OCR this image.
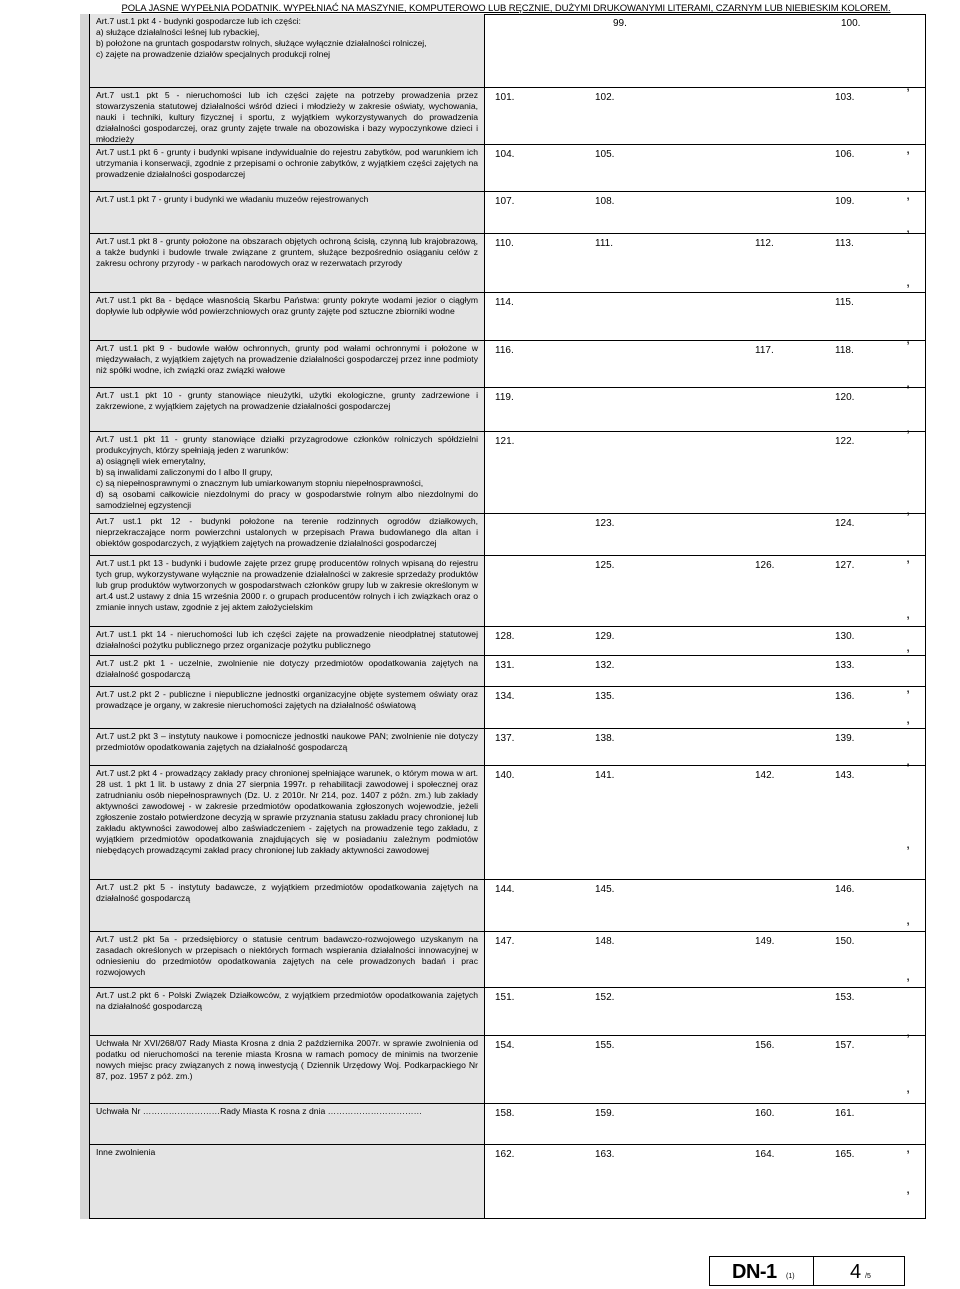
POLA JASNE WYPEŁNIA PODATNIK. WYPEŁNIAĆ NA MASZYNIE, KOMPUTEROWO LUB RĘCZNIE, DUŻYMI DRUKOWANYMI LITERAMI, CZARNYM LUB NIEBIESKIM KOLOREM.

Art.7 ust.1 pkt 4 - budynki gospodarcze lub ich części:
a) służące działalności leśnej lub rybackiej,
b) położone na gruntach gospodarstw rolnych, służące wyłącznie działalności rolniczej,
c) zajęte na prowadzenie działów specjalnych produkcji rolnej

99.	100.
,

Art.7 ust.1 pkt 5 - nieruchomości lub ich części zajęte na potrzeby prowadzenia przez stowarzyszenia statutowej działalności wśród dzieci i młodzieży w zakresie oświaty, wychowania, nauki i techniki, kultury fizycznej i sportu, z wyjątkiem wykorzystywanych do prowadzenia działalności gospodarczej, oraz grunty zajęte trwale na obozowiska i bazy wypoczynkowe dzieci i młodzieży

101.	102.	103.
,

Art.7 ust.1 pkt 6 - grunty i budynki wpisane indywidualnie do rejestru zabytków, pod warunkiem ich utrzymania i konserwacji, zgodnie z przepisami o ochronie zabytków, z wyjątkiem części zajętych na prowadzenie działalności gospodarczej

104.	105.	106.
,

Art.7 ust.1 pkt 7 - grunty i budynki we władaniu muzeów rejestrowanych	107.	108.	109.
,

Art.7 ust.1 pkt 8 - grunty położone na obszarach objętych ochroną ścisłą, czynną lub krajobrazową, a także budynki i budowle trwale związane z gruntem, służące bezpośrednio osiąganiu celów z zakresu ochrony przyrody - w parkach narodowych oraz w rezerwatach przyrody

110.	111.	112.	113.
,

Art.7 ust.1 pkt 8a - będące własnością Skarbu Państwa: grunty pokryte wodami jezior o ciągłym dopływie lub odpływie wód powierzchniowych oraz grunty zajęte pod sztuczne zbiorniki wodne

114.	115.
,

Art.7 ust.1 pkt 9 - budowle wałów ochronnych, grunty pod wałami ochronnymi i położone w międzywałach, z wyjątkiem zajętych na prowadzenie działalności gospodarczej przez inne podmioty niż spółki wodne, ich związki oraz związki wałowe

116.	117.	118.
,

Art.7 ust.1 pkt 10 - grunty stanowiące nieużytki, użytki ekologiczne, grunty zadrzewione i zakrzewione, z wyjątkiem zajętych na prowadzenie działalności gospodarczej

119.	120.
,

Art.7 ust.1 pkt 11 - grunty stanowiące działki przyzagrodowe członków rolniczych spółdzielni produkcyjnych, którzy spełniają jeden z warunków:
a) osiągnęli wiek emerytalny,
b) są inwalidami zaliczonymi do I albo II grupy,
c) są niepełnosprawnymi o znacznym lub umiarkowanym stopniu niepełnosprawności,
d) są osobami całkowicie niezdolnymi do pracy w gospodarstwie rolnym albo niezdolnymi do samodzielnej egzystencji

121.	122.
,

Art.7 ust.1 pkt 12 - budynki położone na terenie rodzinnych ogrodów działkowych, nieprzekraczające norm powierzchni ustalonych w przepisach Prawa budowlanego dla altan i obiektów gospodarczych, z wyjątkiem zajętych na prowadzenie działalności gospodarczej

123.	124.
,

Art.7 ust.1 pkt 13 - budynki i budowle zajęte przez grupę producentów rolnych wpisaną do rejestru tych grup, wykorzystywane wyłącznie na prowadzenie działalności w zakresie sprzedaży produktów lub grup produktów wytworzonych w gospodarstwach członków grupy lub w zakresie określonym w art.4 ust.2 ustawy z dnia 15 września 2000 r. o grupach producentów rolnych i ich związkach oraz o zmianie innych ustaw, zgodnie z jej aktem założycielskim

125.	126.	127.
,

Art.7 ust.1 pkt 14 - nieruchomości lub ich części zajęte na prowadzenie nieodpłatnej statutowej działalności pożytku publicznego przez organizacje pożytku publicznego

128.	129.	130.
,

Art.7 ust.2 pkt 1 - uczelnie, zwolnienie nie dotyczy przedmiotów opodatkowania zajętych na działalność gospodarczą

131.	132.	133.
,

Art.7 ust.2 pkt 2 - publiczne i niepubliczne jednostki organizacyjne objęte systemem oświaty oraz prowadzące je organy, w zakresie nieruchomości zajętych na działalność oświatową

134.	135.	136.
,

Art.7 ust.2 pkt 3 – instytuty naukowe i pomocnicze jednostki naukowe PAN; zwolnienie nie dotyczy przedmiotów opodatkowania zajętych na działalność gospodarczą

137.	138.	139.
,

Art.7 ust.2 pkt 4 - prowadzący zakłady pracy chronionej spełniające warunek, o którym mowa w art. 28 ust. 1 pkt 1 lit. b ustawy z dnia 27 sierpnia 1997r. p rehabilitacji zawodowej i społecznej oraz zatrudnianiu osób niepełnosprawnych (Dz. U. z 2010r. Nr 214, poz. 1407 z późn. zm.) lub zakłady aktywności zawodowej - w zakresie przedmiotów opodatkowania zgłoszonych wojewodzie, jeżeli zgłoszenie zostało potwierdzone decyzją w sprawie przyznania statusu zakładu pracy chronionej lub zakładu aktywności zawodowej albo zaświadczeniem - zajętych na prowadzenie tego zakładu, z wyjątkiem przedmiotów opodatkowania znajdujących się w posiadaniu zależnym podmiotów niebędących prowadzącymi zakład pracy chronionej lub zakłady aktywności zawodowej

140.	141.	142.	143.
,

Art.7 ust.2 pkt 5 - instytuty badawcze, z wyjątkiem przedmiotów opodatkowania zajętych na działalność gospodarczą

144.	145.	146.
,

Art.7 ust.2 pkt 5a - przedsiębiorcy o statusie centrum badawczo-rozwojowego uzyskanym na zasadach określonych w przepisach o niektórych formach wspierania działalności innowacyjnej w odniesieniu do przedmiotów opodatkowania zajętych na cele prowadzonych badań i prac rozwojowych

147.	148.	149.	150.
,

Art.7 ust.2 pkt 6 - Polski Związek Działkowców, z wyjątkiem przedmiotów opodatkowania zajętych na działalność gospodarczą

151.	152.	153.
,

Uchwała Nr XVI/268/07 Rady Miasta Krosna z dnia 2 października 2007r. w sprawie zwolnienia od podatku od nieruchomości na terenie miasta Krosna w ramach pomocy de minimis na tworzenie nowych miejsc pracy związanych z nową inwestycją ( Dziennik Urzędowy Woj. Podkarpackiego Nr 87, poz. 1957 z póź. zm.)

154.	155.	156.	157.
,

Uchwała Nr ………………………Rady Miasta K rosna z dnia ……………………………	158.	159.	160.	161.
,

Inne zwolnienia	162.	163.	164.	165.
,
DN-1 (1)	4 /5
